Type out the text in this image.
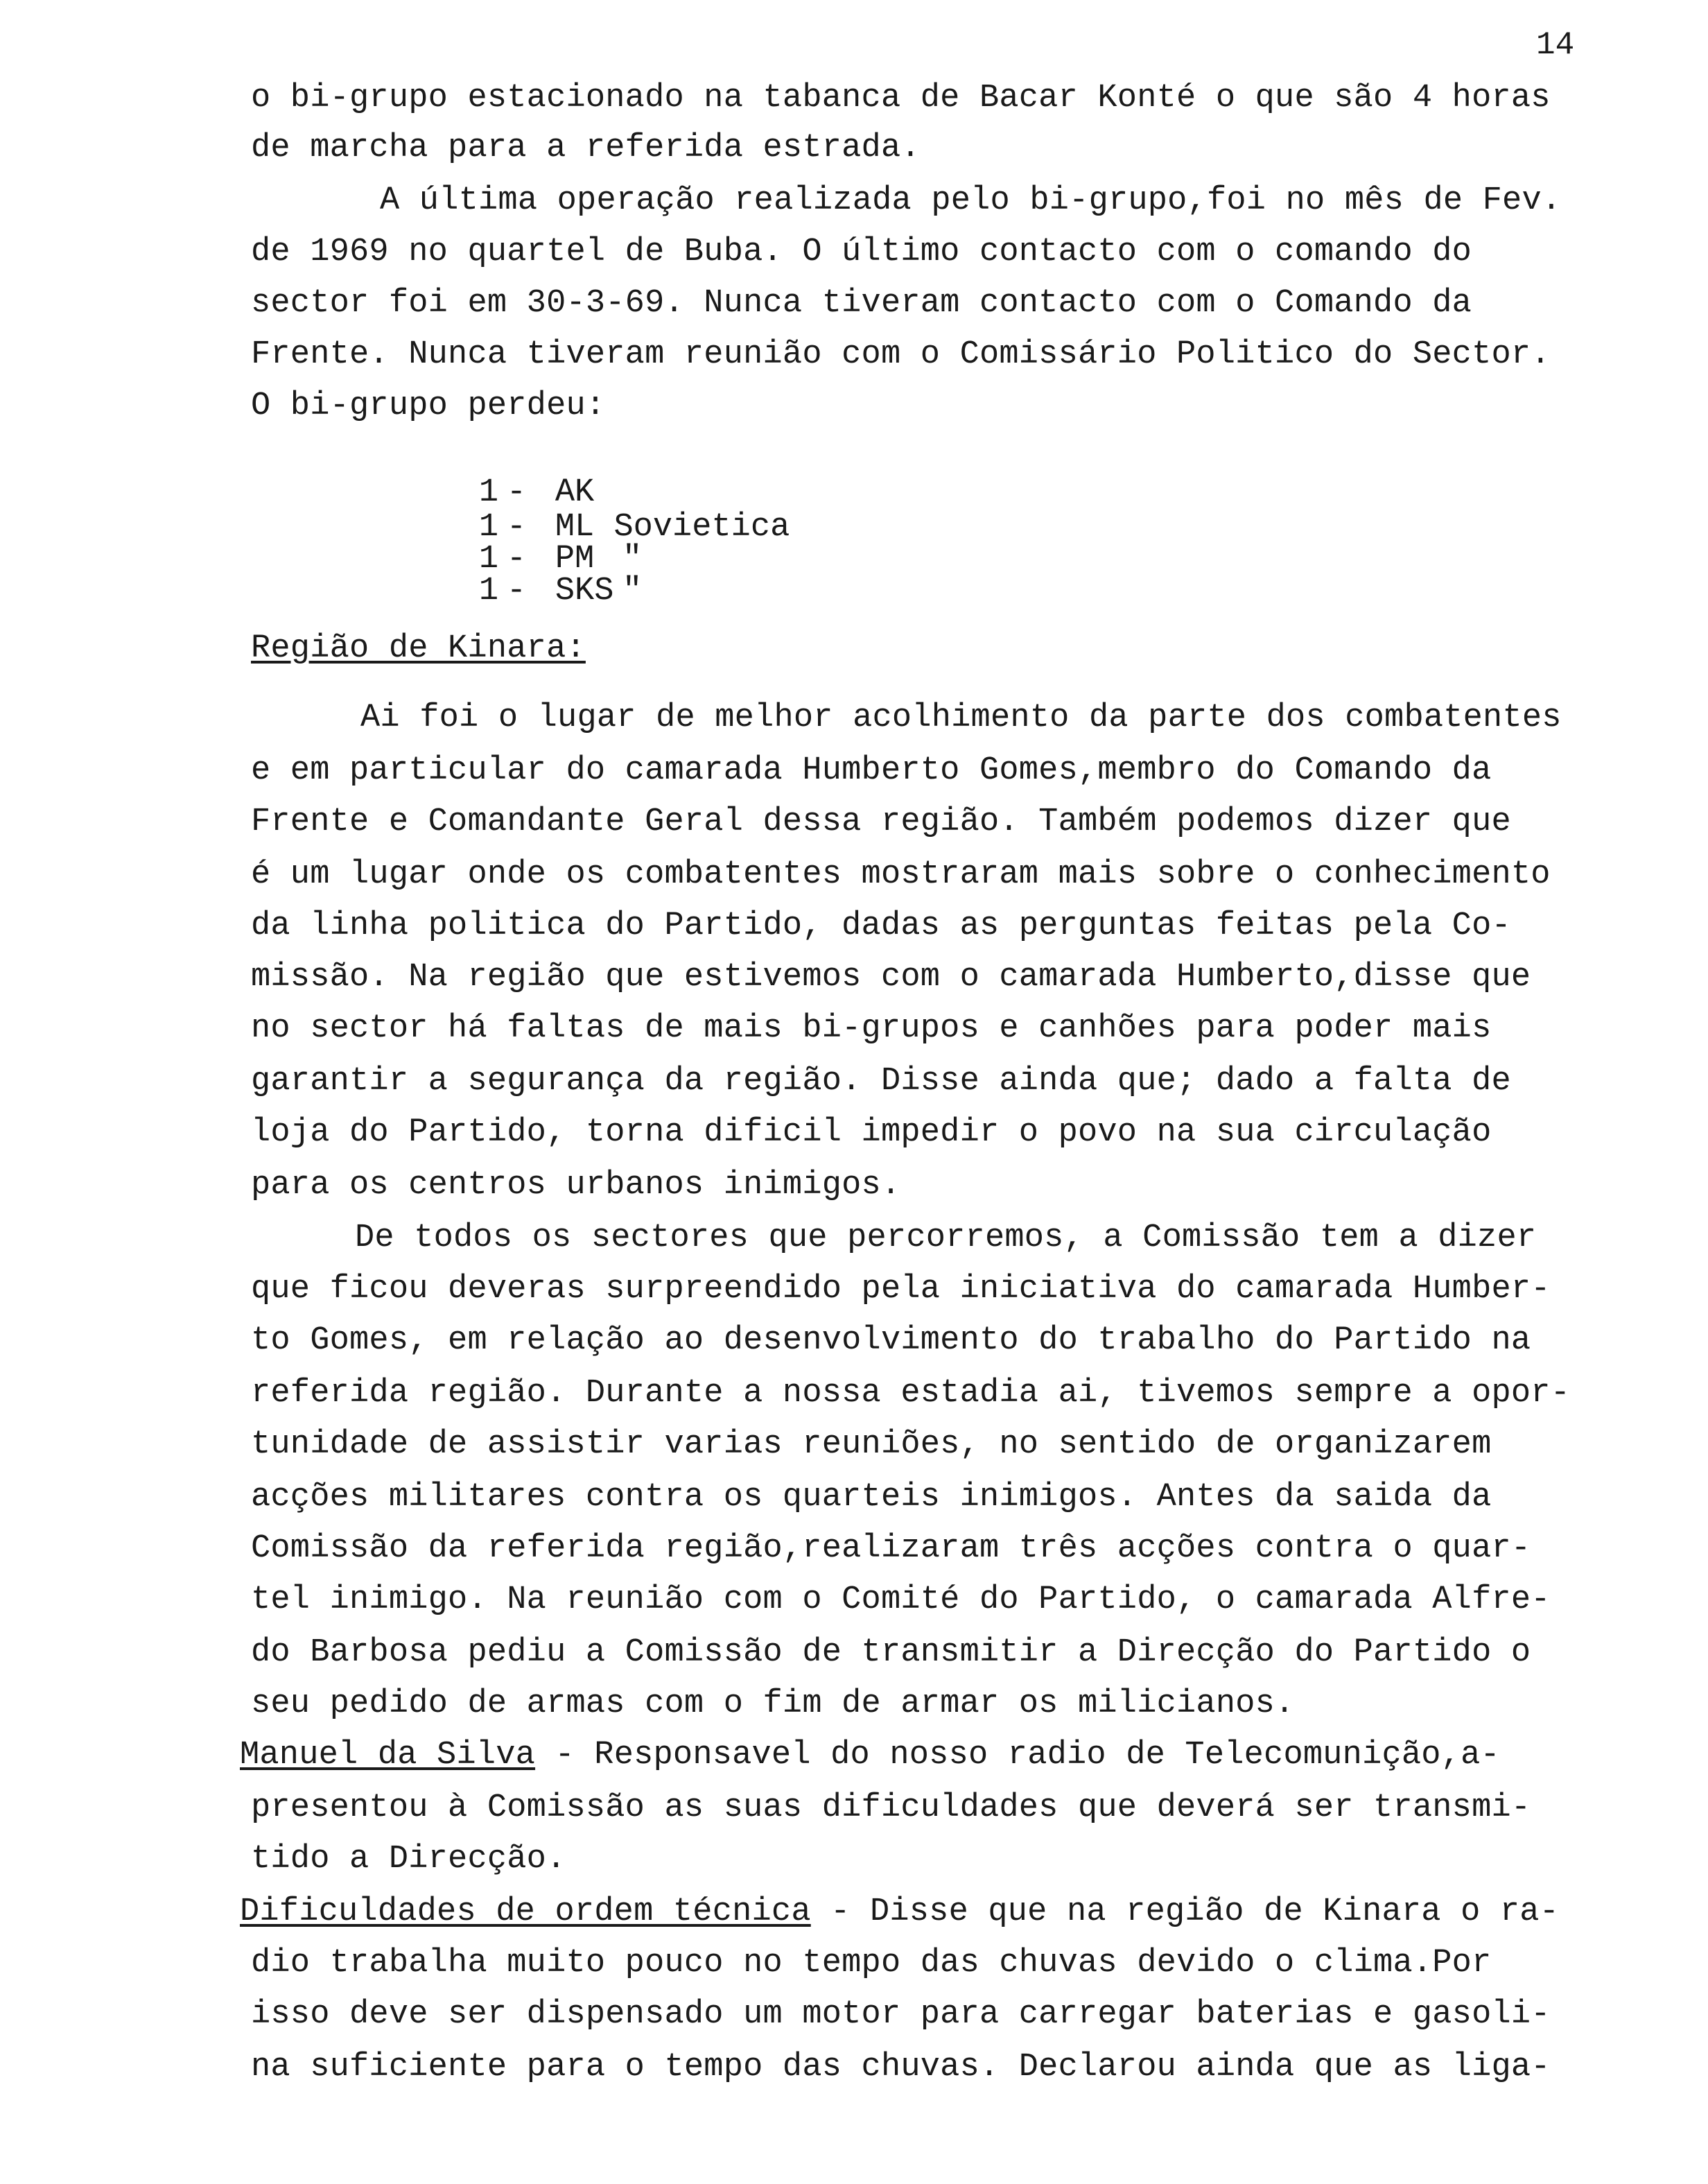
14
o bi-grupo estacionado na tabanca de Bacar Konté o que são 4 horas
de marcha para a referida estrada.
A última operação realizada pelo bi-grupo,foi no mês de Fev.
de 1969 no quartel de Buba. O último contacto com o comando do
sector foi em 30-3-69. Nunca tiveram contacto com o Comando da
Frente. Nunca tiveram reunião com o Comissário Politico do Sector.
O bi-grupo perdeu:

1 - AK

1 - ML Sovietica

1 - PM "

1 - SKS "

Região de Kinara:
Ai foi o lugar de melhor acolhimento da parte dos combatentes
e em particular do camarada Humberto Gomes,membro do Comando da
Frente e Comandante Geral dessa região. Também podemos dizer que
é um lugar onde os combatentes mostraram mais sobre o conhecimento
da linha politica do Partido, dadas as perguntas feitas pela Co-
missão. Na região que estivemos com o camarada Humberto,disse que
no sector há faltas de mais bi-grupos e canhões para poder mais
garantir a segurança da região. Disse ainda que; dado a falta de
loja do Partido, torna dificil impedir o povo na sua circulação
para os centros urbanos inimigos.
De todos os sectores que percorremos, a Comissão tem a dizer
que ficou deveras surpreendido pela iniciativa do camarada Humber-
to Gomes, em relação ao desenvolvimento do trabalho do Partido na
referida região. Durante a nossa estadia ai, tivemos sempre a opor-
tunidade de assistir varias reuniões, no sentido de organizarem
acções militares contra os quarteis inimigos. Antes da saida da
Comissão da referida região,realizaram três acções contra o quar-
tel inimigo. Na reunião com o Comité do Partido, o camarada Alfre-
do Barbosa pediu a Comissão de transmitir a Direcção do Partido o
seu pedido de armas com o fim de armar os milicianos.
Manuel da Silva - Responsavel do nosso radio de Telecomunição,a-
presentou à Comissão as suas dificuldades que deverá ser transmi-
tido a Direcção.
Dificuldades de ordem técnica - Disse que na região de Kinara o ra-
dio trabalha muito pouco no tempo das chuvas devido o clima.Por
isso deve ser dispensado um motor para carregar baterias e gasoli-
na suficiente para o tempo das chuvas. Declarou ainda que as liga-
